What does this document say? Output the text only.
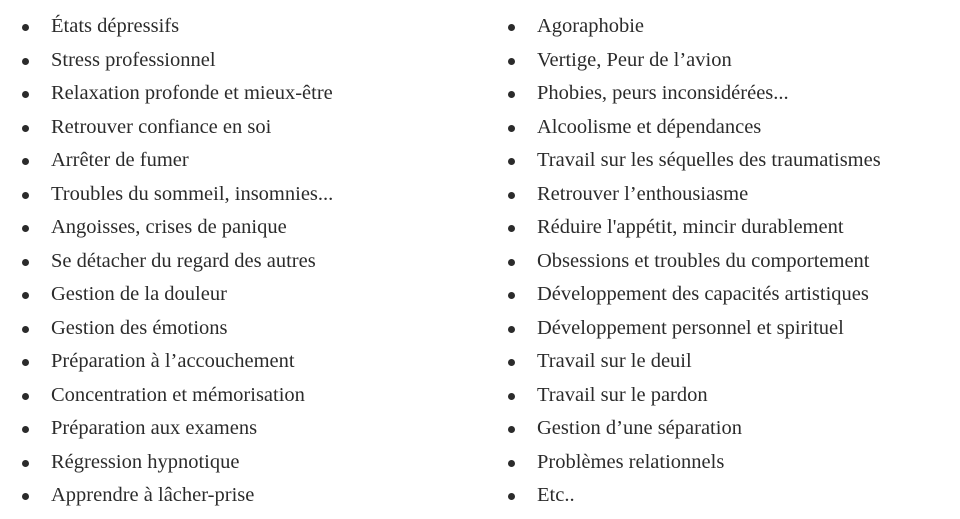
États dépressifs
Stress professionnel
Relaxation profonde et mieux-être
Retrouver confiance en soi
Arrêter de fumer
Troubles du sommeil, insomnies...
Angoisses, crises de panique
Se détacher du regard des autres
Gestion de la douleur
Gestion des émotions
Préparation à l’accouchement
Concentration et mémorisation
Préparation aux examens
Régression hypnotique
Apprendre à lâcher-prise
Agoraphobie
Vertige, Peur de l’avion
Phobies, peurs inconsidérées...
Alcoolisme et dépendances
Travail sur les séquelles des traumatismes
Retrouver l’enthousiasme
Réduire l'appétit, mincir durablement
Obsessions et troubles du comportement
Développement des capacités artistiques
Développement personnel et spirituel
Travail sur le deuil
Travail sur le pardon
Gestion d’une séparation
Problèmes relationnels
Etc..
